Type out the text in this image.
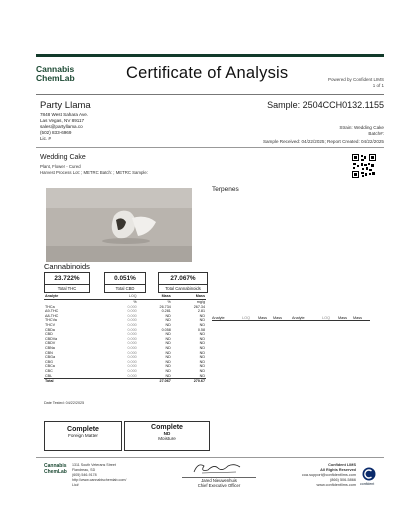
Cannabis
ChemLab	Certificate of Analysis	Powered by Confident LIMS
1 of 1
Party Llama	Sample: 2504CCH0132.1155
7848 West Sahara Ave.
Las Vegas, NV 89117
sales@partyllama.co
(502) 833-6969
Lic. #
Strain: Wedding Cake
Batch#:
Sample Received: 04/22/2025; Report Created: 04/22/2025
Wedding Cake
Plant, Flower - Cured
Harvest Process Lot: ; METRC Batch: ; METRC Sample:
Terpenes
Analyte	LOQ	Mass	Mass	Analyte	LOQ	Mass	Mass
Cannabinoids
23.722%
Total THC
0.051%
Total CBD
27.067%
Total Cannabinoids
Analyte	LOQ	Mass	Mass
	%	%	mg/g
THCa	0.000	26.734	267.34
Δ9-THC	0.000	0.281	2.81
Δ8-THC	0.000	ND	ND
THCVa	0.000	ND	ND
THCV	0.000	ND	ND
CBDa	0.000	0.058	0.58
CBD	0.000	ND	ND
CBDVa	0.000	ND	ND
CBDV	0.000	ND	ND
CBNa	0.000	ND	ND
CBN	0.000	ND	ND
CBGa	0.000	ND	ND
CBG	0.000	ND	ND
CBCa	0.000	ND	ND
CBC	0.000	ND	ND
CBL	0.000	ND	ND
Total		27.067	270.67
Date Tested: 04/22/2025
Complete
Foreign Matter
Complete
ND
Moisture
Cannabis
ChemLab
1311 South Veterans Street
Flandreau, SD
(605) 546-9178
http://www.cannabischemlab.com/
Lic#
Jared Nieuwenhuis
Chief Executive Officer
Confident LIMS
All Rights Reserved
coa.support@confidentlims.com
(866) 506-5866
www.confidentlims.com confident
